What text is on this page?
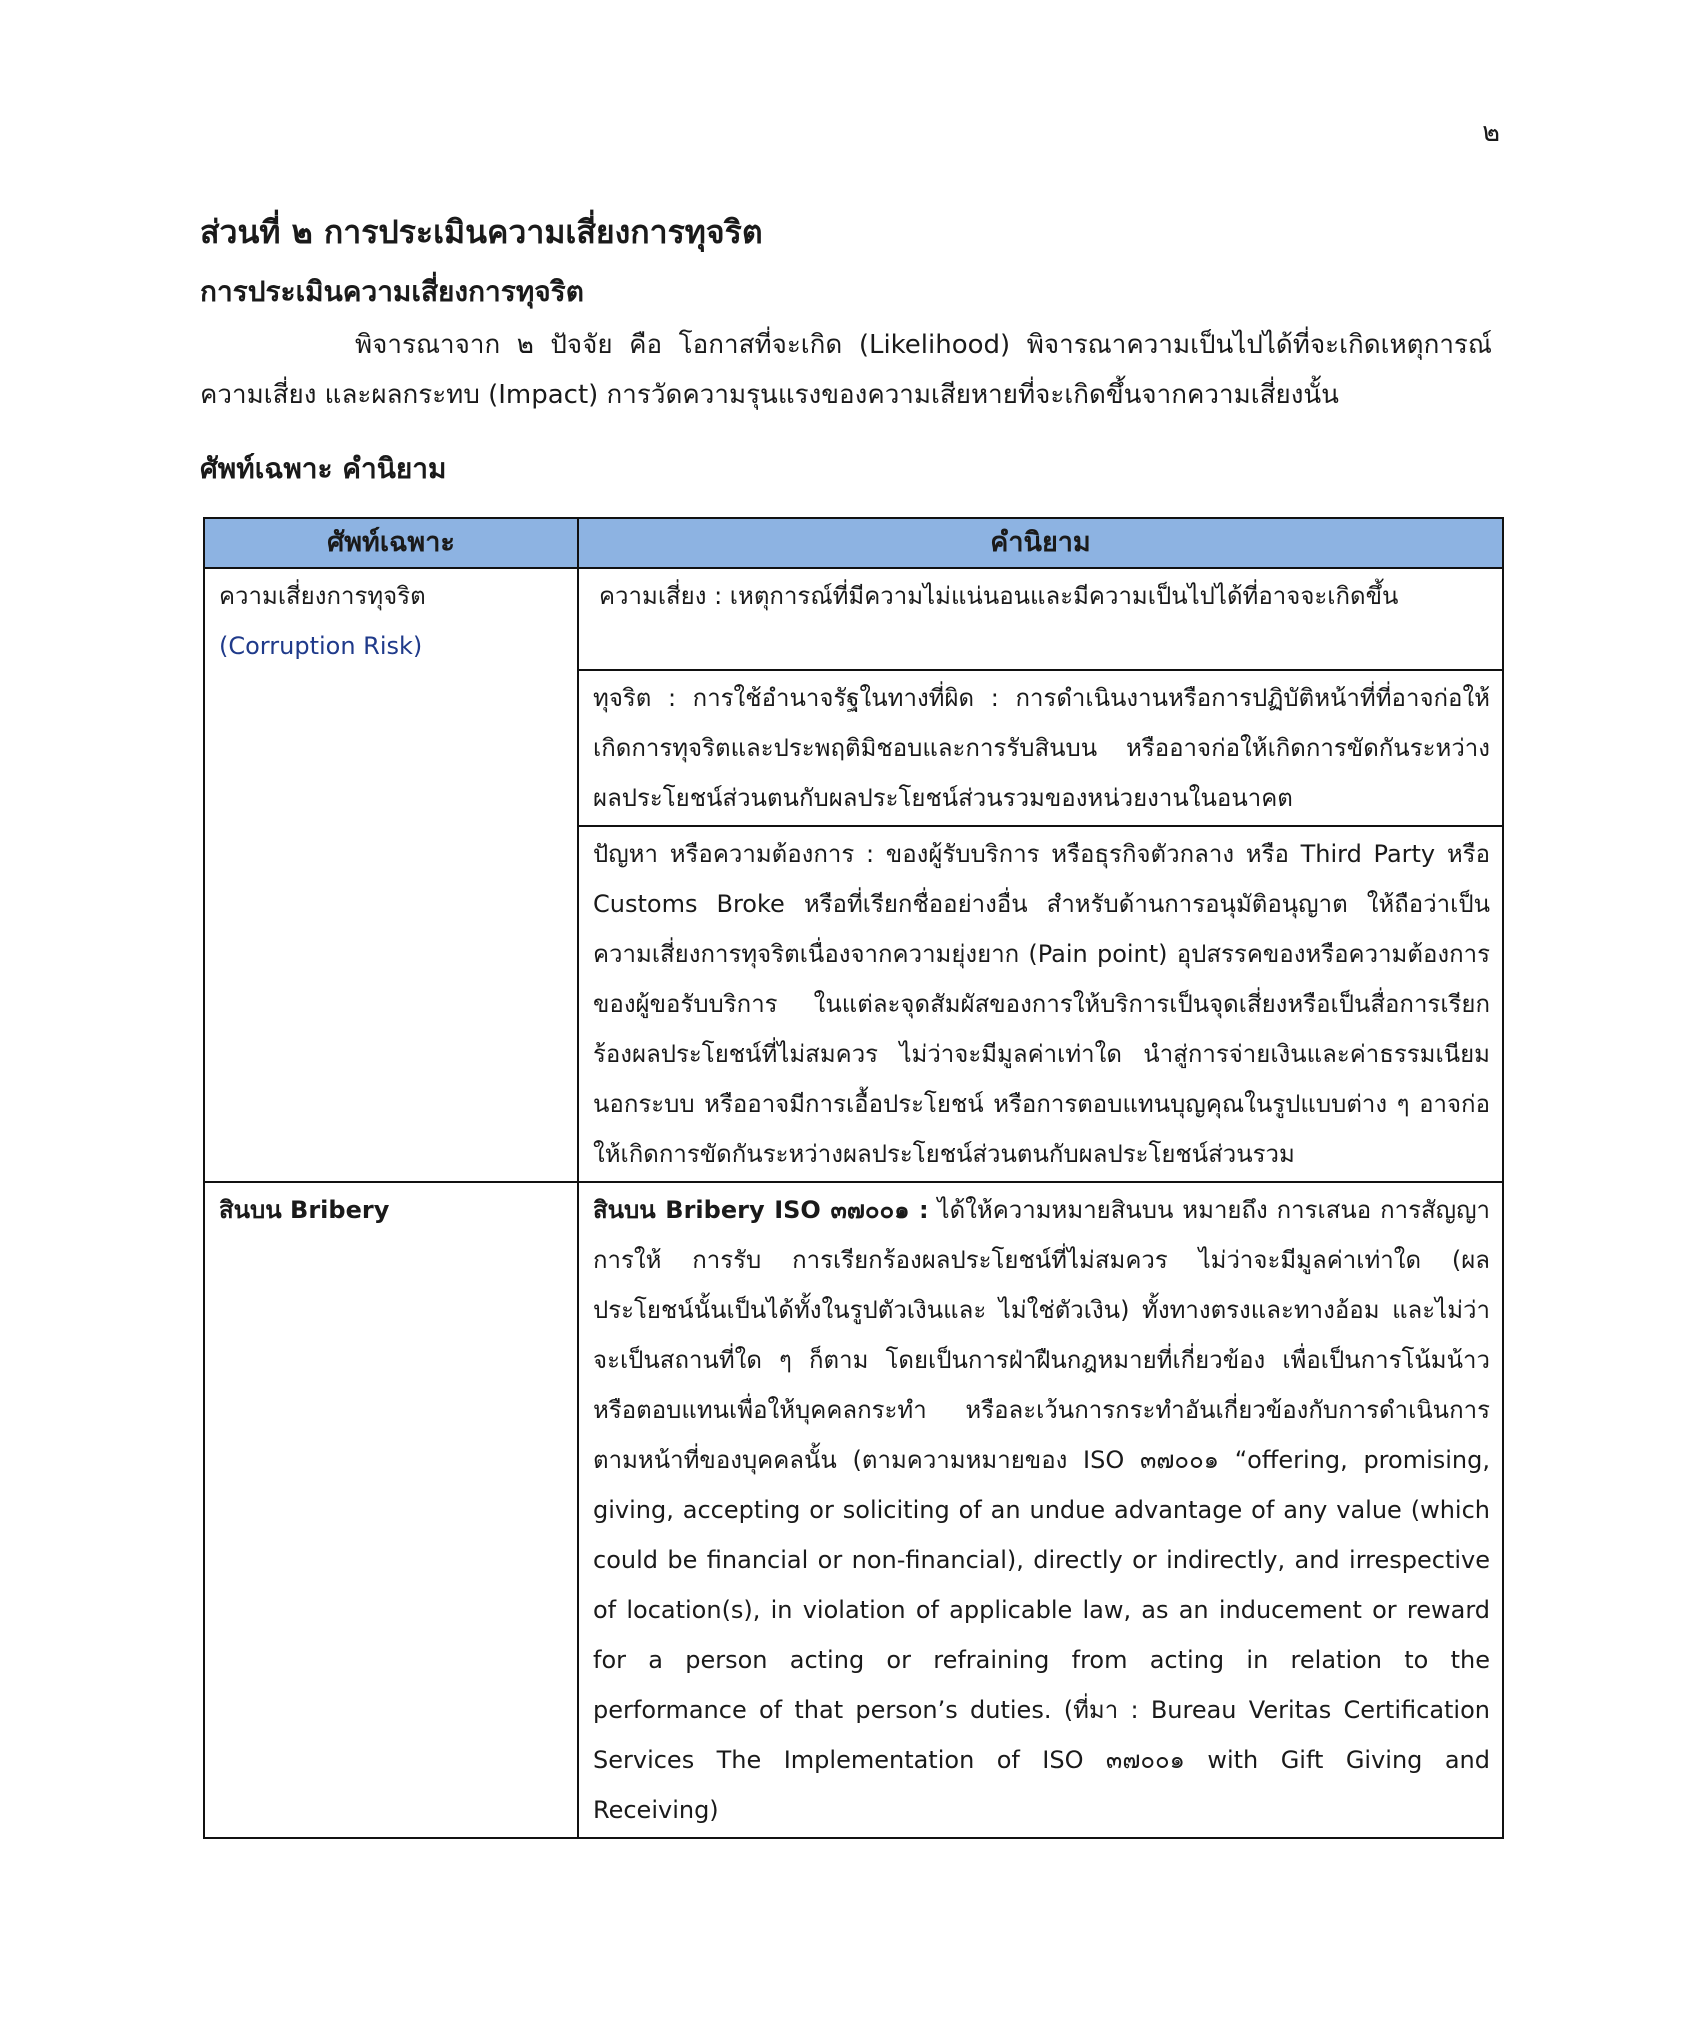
๒
ส่วนที่ ๒ การประเมินความเสี่ยงการทุจริต
การประเมินความเสี่ยงการทุจริต

พิจารณาจาก ๒ ปัจจัย คือ โอกาสที่จะเกิด (Likelihood) พิจารณาความเป็นไปได้ที่จะเกิดเหตุการณ์ความเสี่ยง และผลกระทบ (Impact) การวัดความรุนแรงของความเสียหายที่จะเกิดขึ้นจากความเสี่ยงนั้น

ศัพท์เฉพาะ คำนิยาม
ศัพท์เฉพาะ	คำนิยาม
ความเสี่ยงการทุจริต
(Corruption Risk)	ความเสี่ยง : เหตุการณ์ที่มีความไม่แน่นอนและมีความเป็นไปได้ที่อาจจะเกิดขึ้น
	ทุจริต : การใช้อำนาจรัฐในทางที่ผิด : การดำเนินงานหรือการปฏิบัติหน้าที่ที่อาจก่อให้เกิดการทุจริตและประพฤติมิชอบและการรับสินบน หรืออาจก่อให้เกิดการขัดกันระหว่างผลประโยชน์ส่วนตนกับผลประโยชน์ส่วนรวมของหน่วยงานในอนาคต
	ปัญหา หรือความต้องการ : ของผู้รับบริการ หรือธุรกิจตัวกลาง หรือ Third Party หรือ Customs Broke หรือที่เรียกชื่ออย่างอื่น สำหรับด้านการอนุมัติอนุญาต ให้ถือว่าเป็นความเสี่ยงการทุจริตเนื่องจากความยุ่งยาก (Pain point) อุปสรรคของหรือความต้องการของผู้ขอรับบริการ ในแต่ละจุดสัมผัสของการให้บริการเป็นจุดเสี่ยงหรือเป็นสื่อการเรียกร้องผลประโยชน์ที่ไม่สมควร ไม่ว่าจะมีมูลค่าเท่าใด นำสู่การจ่ายเงินและค่าธรรมเนียมนอกระบบ หรืออาจมีการเอื้อประโยชน์ หรือการตอบแทนบุญคุณในรูปแบบต่าง ๆ อาจก่อให้เกิดการขัดกันระหว่างผลประโยชน์ส่วนตนกับผลประโยชน์ส่วนรวม
สินบน Bribery	สินบน Bribery ISO ๓๗๐๐๑ : ได้ให้ความหมายสินบน หมายถึง การเสนอ การสัญญา การให้ การรับ การเรียกร้องผลประโยชน์ที่ไม่สมควร ไม่ว่าจะมีมูลค่าเท่าใด (ผลประโยชน์นั้นเป็นได้ทั้งในรูปตัวเงินและ ไม่ใช่ตัวเงิน) ทั้งทางตรงและทางอ้อม และไม่ว่าจะเป็นสถานที่ใด ๆ ก็ตาม โดยเป็นการฝ่าฝืนกฎหมายที่เกี่ยวข้อง เพื่อเป็นการโน้มน้าว หรือตอบแทนเพื่อให้บุคคลกระทำ หรือละเว้นการกระทำอันเกี่ยวข้องกับการดำเนินการตามหน้าที่ของบุคคลนั้น (ตามความหมายของ ISO ๓๗๐๐๑ “offering, promising, giving, accepting or soliciting of an undue advantage of any value (which could be financial or non-financial), directly or indirectly, and irrespective of location(s), in violation of applicable law, as an inducement or reward for a person acting or refraining from acting in relation to the performance of that person’s duties. (ที่มา : Bureau Veritas Certification Services The Implementation of ISO ๓๗๐๐๑ with Gift Giving and Receiving)
